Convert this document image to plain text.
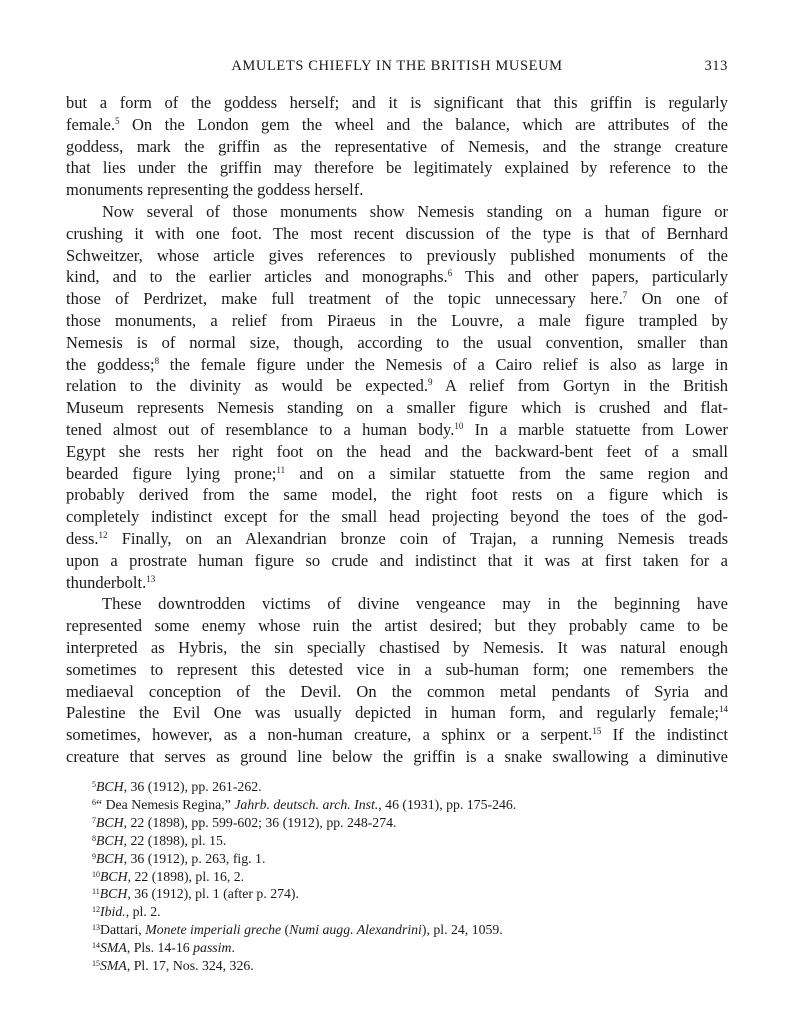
AMULETS CHIEFLY IN THE BRITISH MUSEUM	313
but a form of the goddess herself; and it is significant that this griffin is regularly
female.$^5$ On the London gem the wheel and the balance, which are attributes of the
goddess, mark the griffin as the representative of Nemesis, and the strange creature
that lies under the griffin may therefore be legitimately explained by reference to the
monuments representing the goddess herself.
Now several of those monuments show Nemesis standing on a human figure or
crushing it with one foot. The most recent discussion of the type is that of Bernhard
Schweitzer, whose article gives references to previously published monuments of the
kind, and to the earlier articles and monographs.$^6$ This and other papers, particularly
those of Perdrizet, make full treatment of the topic unnecessary here.$^7$ On one of
those monuments, a relief from Piraeus in the Louvre, a male figure trampled by
Nemesis is of normal size, though, according to the usual convention, smaller than
the goddess;$^8$ the female figure under the Nemesis of a Cairo relief is also as large in
relation to the divinity as would be expected.$^9$ A relief from Gortyn in the British
Museum represents Nemesis standing on a smaller figure which is crushed and flat-
tened almost out of resemblance to a human body.$^{10}$ In a marble statuette from Lower
Egypt she rests her right foot on the head and the backward-bent feet of a small
bearded figure lying prone;$^{11}$ and on a similar statuette from the same region and
probably derived from the same model, the right foot rests on a figure which is
completely indistinct except for the small head projecting beyond the toes of the god-
dess.$^{12}$ Finally, on an Alexandrian bronze coin of Trajan, a running Nemesis treads
upon a prostrate human figure so crude and indistinct that it was at first taken for a
thunderbolt.$^{13}$
These downtrodden victims of divine vengeance may in the beginning have
represented some enemy whose ruin the artist desired; but they probably came to be
interpreted as Hybris, the sin specially chastised by Nemesis. It was natural enough
sometimes to represent this detested vice in a sub-human form; one remembers the
mediaeval conception of the Devil. On the common metal pendants of Syria and
Palestine the Evil One was usually depicted in human form, and regularly female;$^{14}$
sometimes, however, as a non-human creature, a sphinx or a serpent.$^{15}$ If the indistinct
creature that serves as ground line below the griffin is a snake swallowing a diminutive
$^5$BCH, 36 (1912), pp. 261-262.
$^6$“ Dea Nemesis Regina,” Jahrb. deutsch. arch. Inst., 46 (1931), pp. 175-246.
$^7$BCH, 22 (1898), pp. 599-602; 36 (1912), pp. 248-274.
$^8$BCH, 22 (1898), pl. 15.
$^9$BCH, 36 (1912), p. 263, fig. 1.
$^{10}$BCH, 22 (1898), pl. 16, 2.
$^{11}$BCH, 36 (1912), pl. 1 (after p. 274).
$^{12}$Ibid., pl. 2.
$^{13}$Dattari, Monete imperiali greche (Numi augg. Alexandrini), pl. 24, 1059.
$^{14}$SMA, Pls. 14-16 passim.
$^{15}$SMA, Pl. 17, Nos. 324, 326.
